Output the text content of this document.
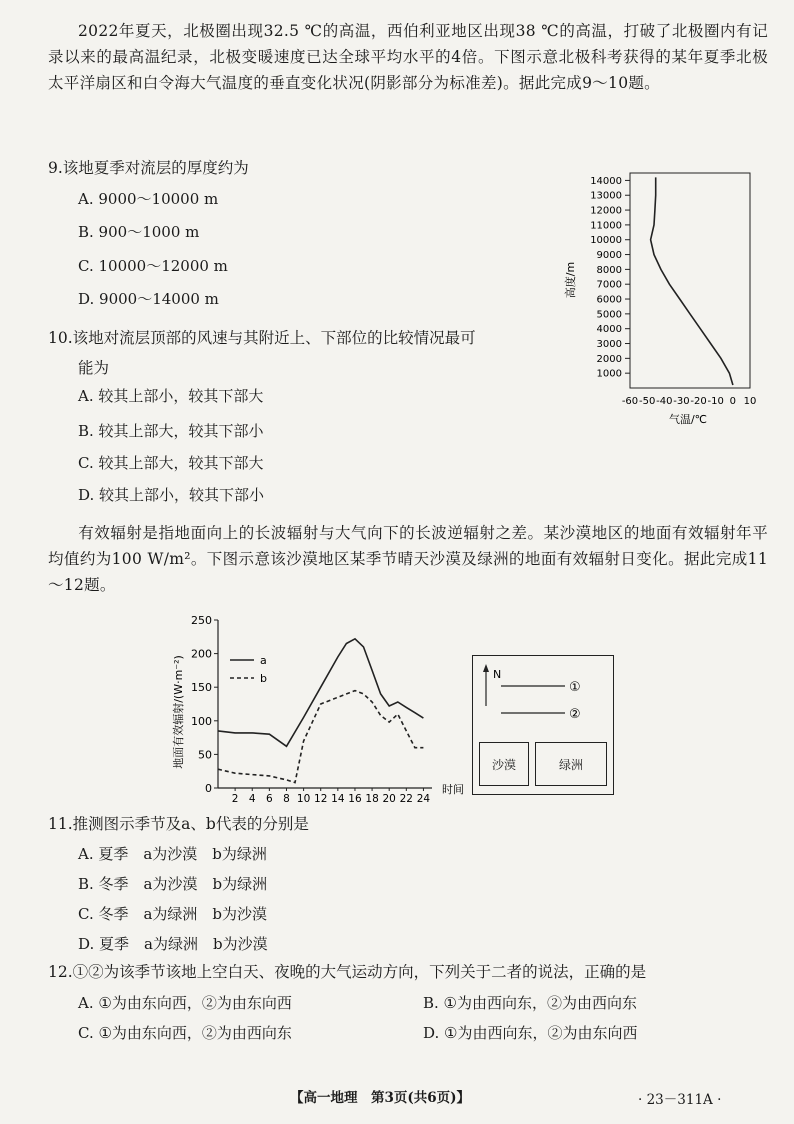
2022年夏天，北极圈出现32.5 ℃的高温，西伯利亚地区出现38 ℃的高温，打破了北极圈内有记录以来的最高温纪录，北极变暖速度已达全球平均水平的4倍。下图示意北极科考获得的某年夏季北极太平洋扇区和白令海大气温度的垂直变化状况(阴影部分为标准差)。据此完成9～10题。
9.该地夏季对流层的厚度约为
A. 9000～10000 m
B. 900～1000 m
C. 10000～12000 m
D. 9000～14000 m
10.该地对流层顶部的风速与其附近上、下部位的比较情况最可
能为
A. 较其上部小，较其下部大
B. 较其上部大，较其下部小
C. 较其上部大，较其下部大
D. 较其上部小，较其下部小
1000
2000
3000
4000
5000
6000
7000
8000
9000
10000
11000
12000
13000
14000
-60 -50 -40 -30 -20 -10 0 10
高度/m
气温/℃
有效辐射是指地面向上的长波辐射与大气向下的长波逆辐射之差。某沙漠地区的地面有效辐射年平均值约为100 W/m²。下图示意该沙漠地区某季节晴天沙漠及绿洲的地面有效辐射日变化。据此完成11～12题。
0
50
100
150
200
250
2 4 6 8 10 12 14 16 18 20 22 24
a
b
地面有效辐射/(W·m⁻²)
时间
N
①
②
沙漠	绿洲
11.推测图示季节及a、b代表的分别是
A. 夏季　a为沙漠　b为绿洲
B. 冬季　a为沙漠　b为绿洲
C. 冬季　a为绿洲　b为沙漠
D. 夏季　a为绿洲　b为沙漠
12.①②为该季节该地上空白天、夜晚的大气运动方向，下列关于二者的说法，正确的是
A. ①为由东向西，②为由东向西	B. ①为由西向东，②为由西向东
C. ①为由东向西，②为由西向东	D. ①为由西向东，②为由东向西
【高一地理　第3页(共6页)】	· 23－311A ·
